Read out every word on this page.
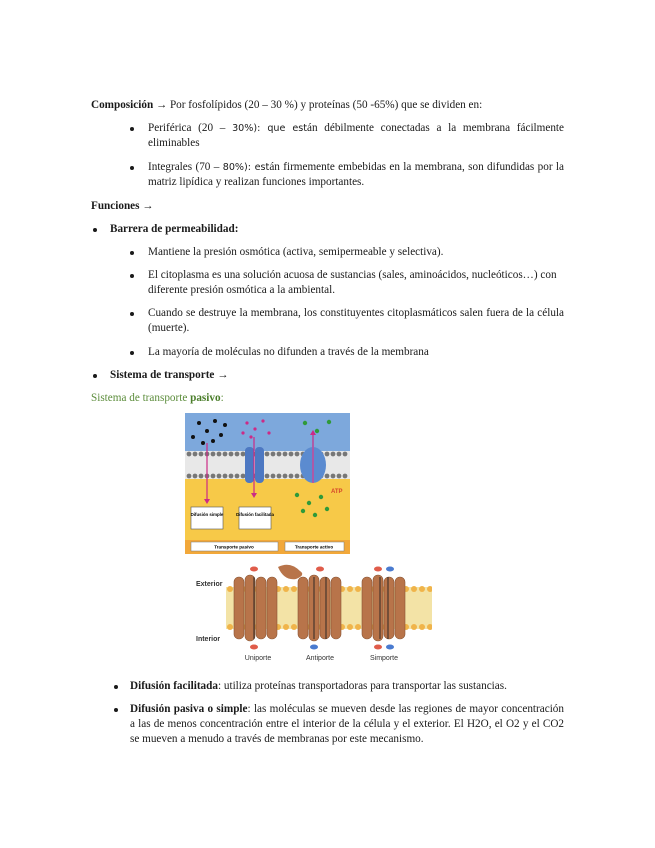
Composición → Por fosfolípidos (20 – 30 %) y proteínas (50 -65%) que se dividen en:
Periférica (20 – 30%): que están débilmente conectadas a la membrana fácilmente eliminables
Integrales (70 – 80%): están firmemente embebidas en la membrana, son difundidas por la matriz lipídica y realizan funciones importantes.
Funciones →
Barrera de permeabilidad:
Mantiene la presión osmótica (activa, semipermeable y selectiva).
El citoplasma es una solución acuosa de sustancias (sales, aminoácidos, nucleóticos…) con diferente presión osmótica a la ambiental.
Cuando se destruye la membrana, los constituyentes citoplasmáticos salen fuera de la célula (muerte).
La mayoría de moléculas no difunden a través de la membrana
Sistema de transporte →
Sistema de transporte pasivo:
ATP
Difusión simple	Difusión facilitada
Transporte pasivo	Transporte activo
Exterior
Interior
Uniporte	Antiporte	Simporte
Difusión facilitada: utiliza proteínas transportadoras para transportar las sustancias.
Difusión pasiva o simple: las moléculas se mueven desde las regiones de mayor concentración a las de menos concentración entre el interior de la célula y el exterior. El H2O, el O2 y el CO2 se mueven a menudo a través de membranas por este mecanismo.
